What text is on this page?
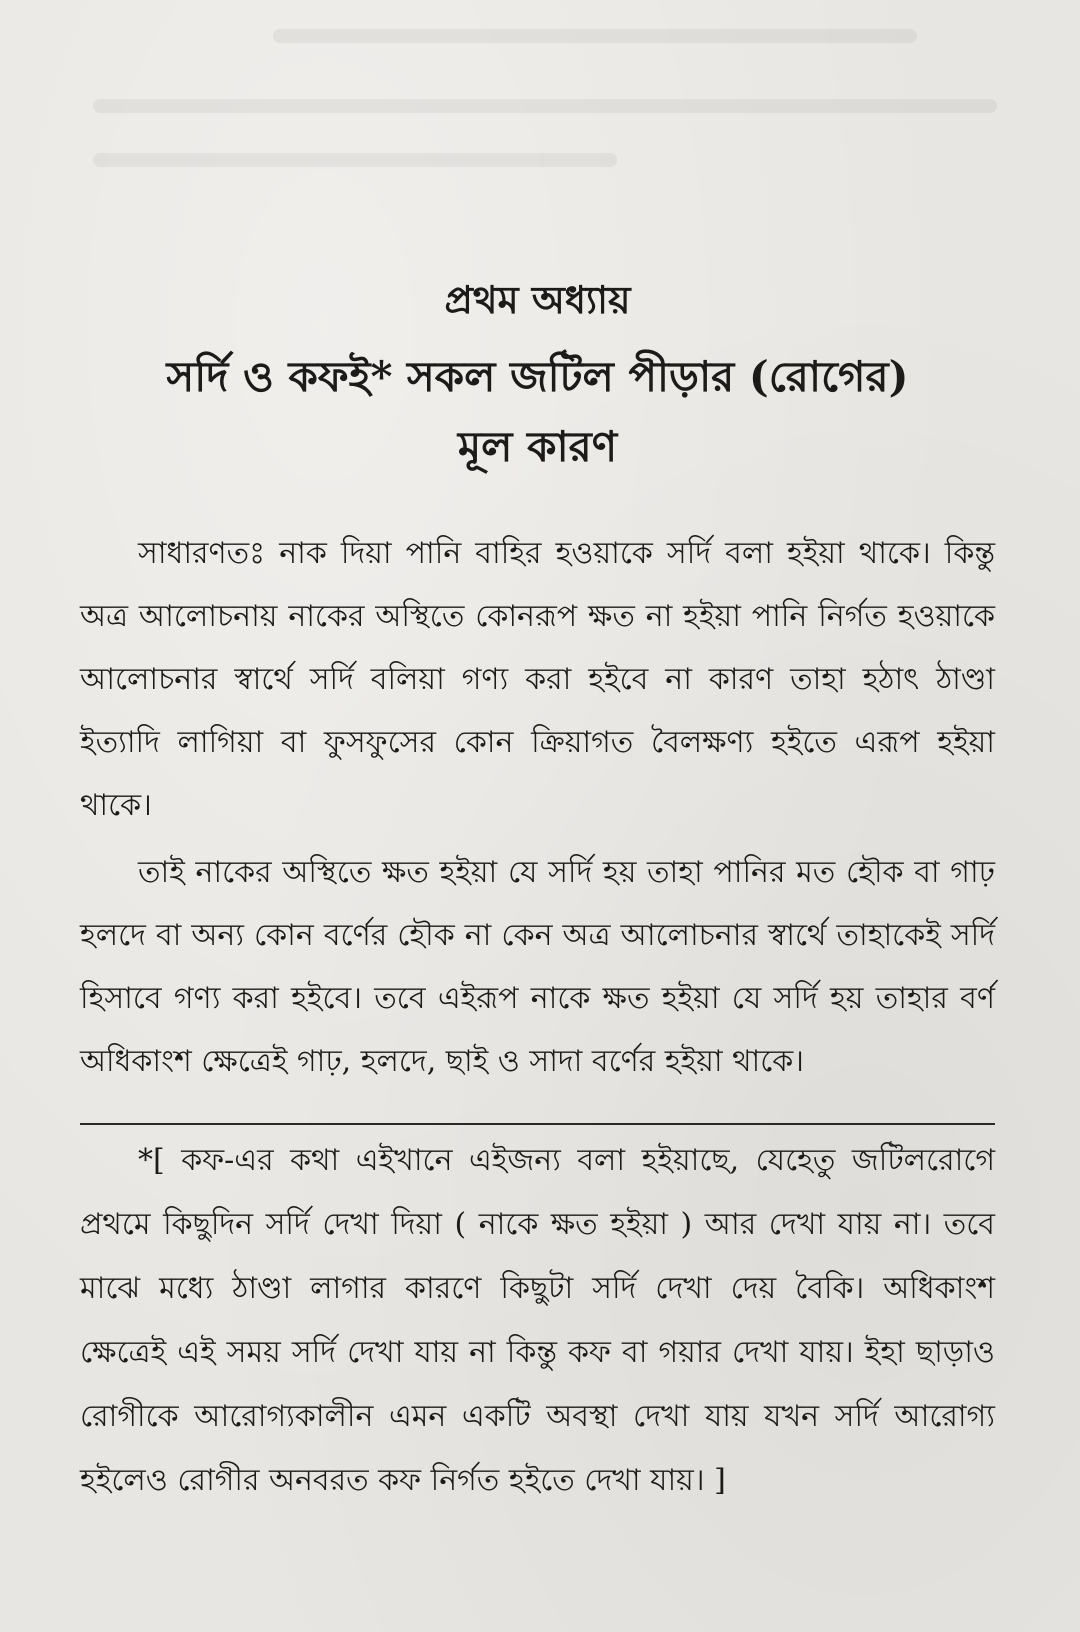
প্রথম অধ্যায়
সর্দি ও কফই* সকল জটিল পীড়ার (রোগের)
মূল কারণ

সাধারণতঃ নাক দিয়া পানি বাহির হওয়াকে সর্দি বলা হইয়া থাকে। কিন্তু অত্র আলোচনায় নাকের অস্থিতে কোনরূপ ক্ষত না হইয়া পানি নির্গত হওয়াকে আলোচনার স্বার্থে সর্দি বলিয়া গণ্য করা হইবে না কারণ তাহা হঠাৎ ঠাণ্ডা ইত্যাদি লাগিয়া বা ফুসফুসের কোন ক্রিয়াগত বৈলক্ষণ্য হইতে এরূপ হইয়া থাকে।

তাই নাকের অস্থিতে ক্ষত হইয়া যে সর্দি হয় তাহা পানির মত হৌক বা গাঢ় হলদে বা অন্য কোন বর্ণের হৌক না কেন অত্র আলোচনার স্বার্থে তাহাকেই সর্দি হিসাবে গণ্য করা হইবে। তবে এইরূপ নাকে ক্ষত হইয়া যে সর্দি হয় তাহার বর্ণ অধিকাংশ ক্ষেত্রেই গাঢ়, হলদে, ছাই ও সাদা বর্ণের হইয়া থাকে।

*[ কফ-এর কথা এইখানে এইজন্য বলা হইয়াছে, যেহেতু জটিলরোগে প্রথমে কিছুদিন সর্দি দেখা দিয়া ( নাকে ক্ষত হইয়া ) আর দেখা যায় না। তবে মাঝে মধ্যে ঠাণ্ডা লাগার কারণে কিছুটা সর্দি দেখা দেয় বৈকি। অধিকাংশ ক্ষেত্রেই এই সময় সর্দি দেখা যায় না কিন্তু কফ বা গয়ার দেখা যায়। ইহা ছাড়াও রোগীকে আরোগ্যকালীন এমন একটি অবস্থা দেখা যায় যখন সর্দি আরোগ্য হইলেও রোগীর অনবরত কফ নির্গত হইতে দেখা যায়। ]
